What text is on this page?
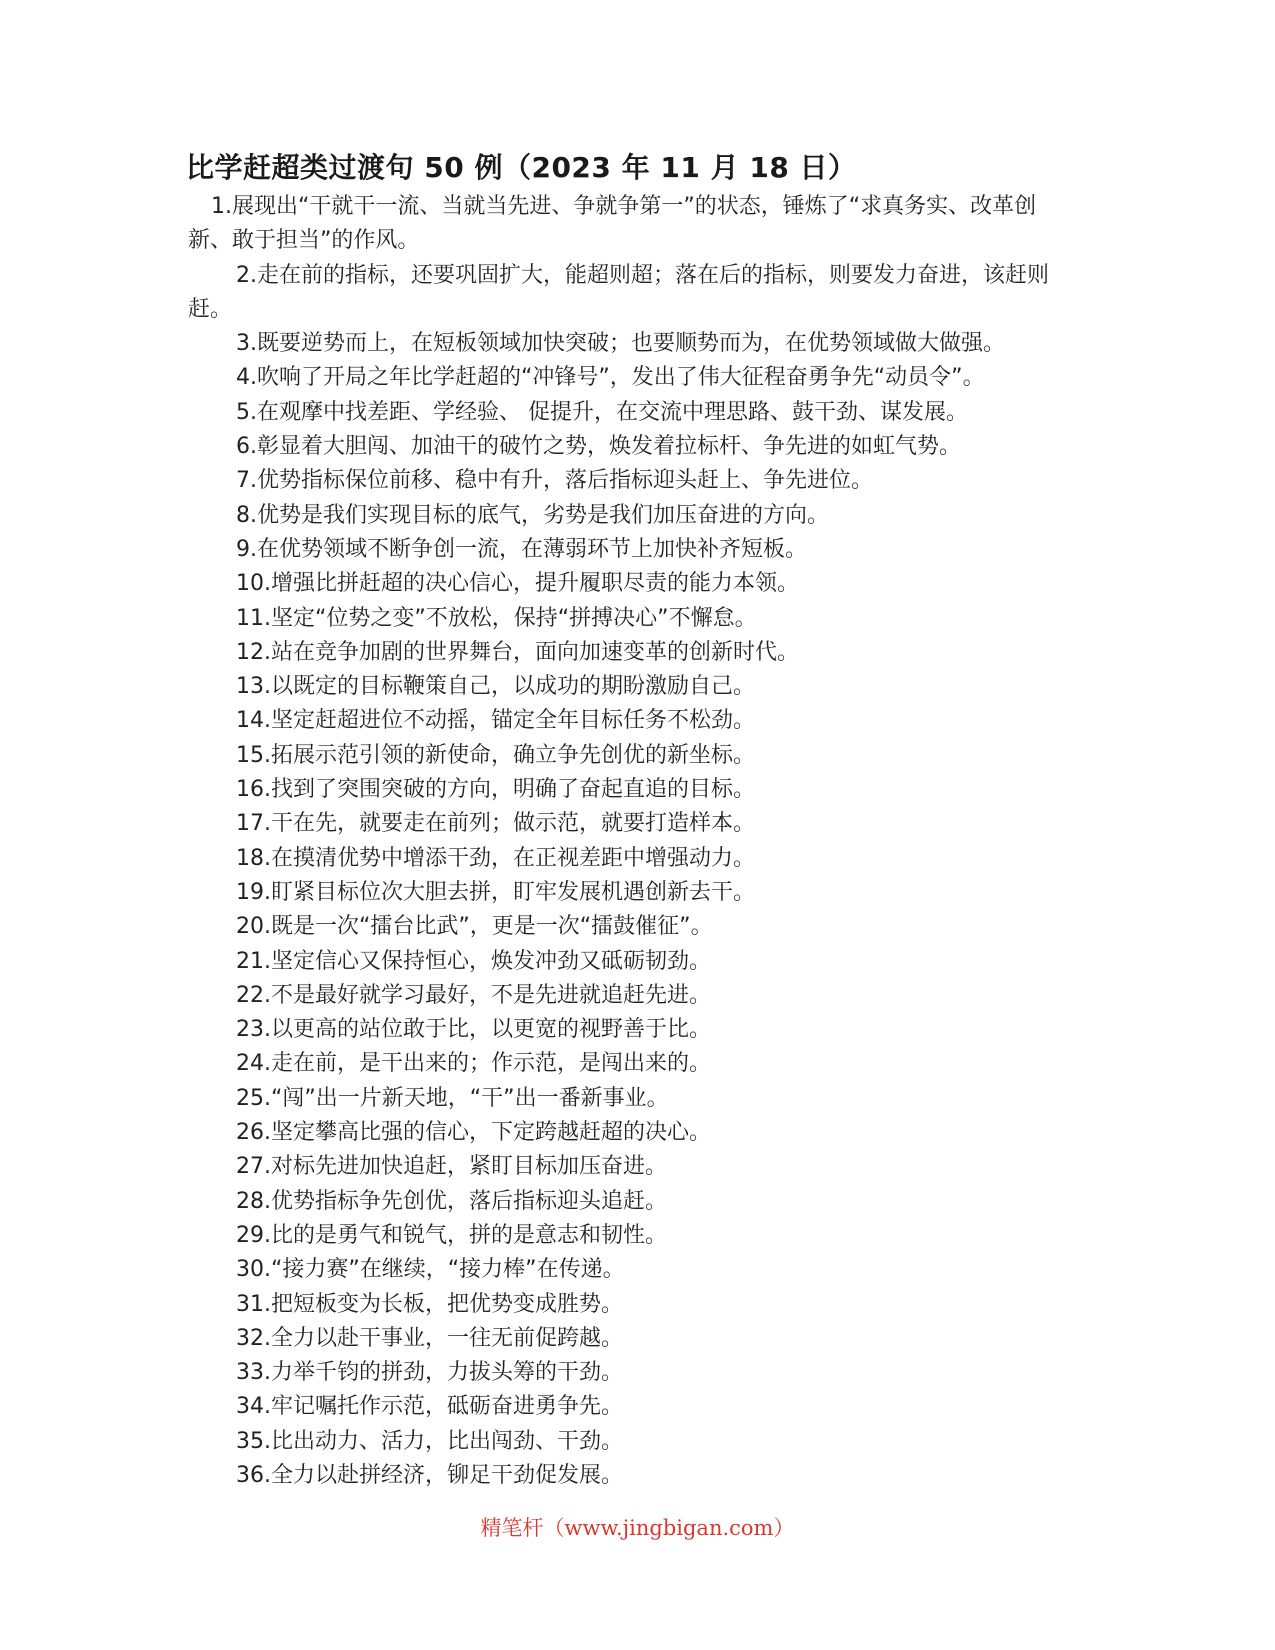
比学赶超类过渡句 50 例（2023 年 11 月 18 日）

1.展现出“干就干一流、当就当先进、争就争第一”的状态，锤炼了“求真务实、改革创新、敢于担当”的作风。

2.走在前的指标，还要巩固扩大，能超则超；落在后的指标，则要发力奋进，该赶则赶。

3.既要逆势而上，在短板领域加快突破；也要顺势而为，在优势领域做大做强。

4.吹响了开局之年比学赶超的“冲锋号”，发出了伟大征程奋勇争先“动员令”。

5.在观摩中找差距、学经验、 促提升，在交流中理思路、鼓干劲、谋发展。

6.彰显着大胆闯、加油干的破竹之势，焕发着拉标杆、争先进的如虹气势。

7.优势指标保位前移、稳中有升，落后指标迎头赶上、争先进位。

8.优势是我们实现目标的底气，劣势是我们加压奋进的方向。

9.在优势领域不断争创一流，在薄弱环节上加快补齐短板。

10.增强比拼赶超的决心信心，提升履职尽责的能力本领。

11.坚定“位势之变”不放松，保持“拼搏决心”不懈怠。

12.站在竞争加剧的世界舞台，面向加速变革的创新时代。

13.以既定的目标鞭策自己，以成功的期盼激励自己。

14.坚定赶超进位不动摇，锚定全年目标任务不松劲。

15.拓展示范引领的新使命，确立争先创优的新坐标。

16.找到了突围突破的方向，明确了奋起直追的目标。

17.干在先，就要走在前列；做示范，就要打造样本。

18.在摸清优势中增添干劲，在正视差距中增强动力。

19.盯紧目标位次大胆去拼，盯牢发展机遇创新去干。

20.既是一次“擂台比武”，更是一次“擂鼓催征”。

21.坚定信心又保持恒心，焕发冲劲又砥砺韧劲。

22.不是最好就学习最好，不是先进就追赶先进。

23.以更高的站位敢于比，以更宽的视野善于比。

24.走在前，是干出来的；作示范，是闯出来的。

25.“闯”出一片新天地，“干”出一番新事业。

26.坚定攀高比强的信心，下定跨越赶超的决心。

27.对标先进加快追赶，紧盯目标加压奋进。

28.优势指标争先创优，落后指标迎头追赶。

29.比的是勇气和锐气，拼的是意志和韧性。

30.“接力赛”在继续，“接力棒”在传递。

31.把短板变为长板，把优势变成胜势。

32.全力以赴干事业，一往无前促跨越。

33.力举千钧的拼劲，力拔头筹的干劲。

34.牢记嘱托作示范，砥砺奋进勇争先。

35.比出动力、活力，比出闯劲、干劲。

36.全力以赴拼经济，铆足干劲促发展。

精笔杆（www.jingbigan.com）
